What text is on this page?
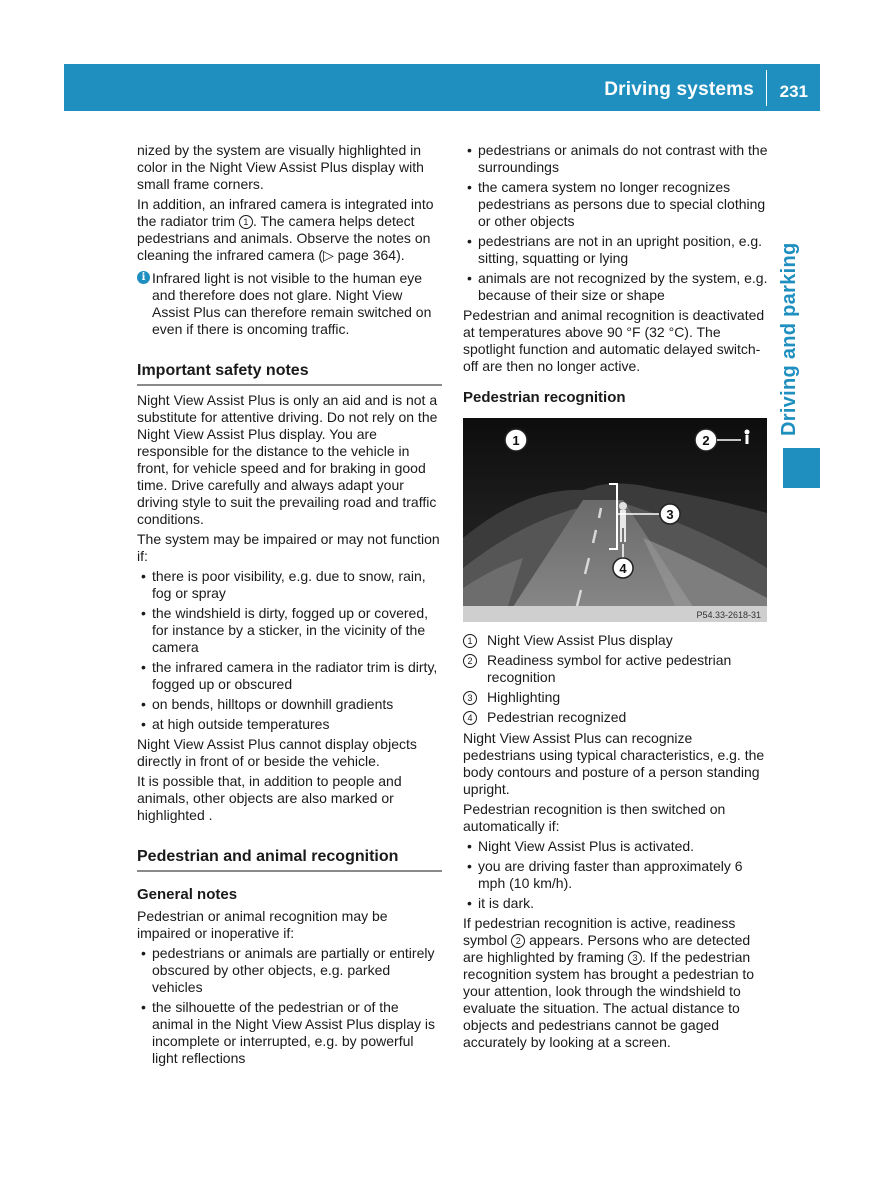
Driving systems 231
Driving and parking

nized by the system are visually highlighted in color in the Night View Assist Plus display with small frame corners.

In addition, an infrared camera is integrated into the radiator trim 1 . The camera helps detect pedestrians and animals. Observe the notes on cleaning the infrared camera (▷ page 364).

i Infrared light is not visible to the human eye and therefore does not glare. Night View Assist Plus can therefore remain switched on even if there is oncoming traffic.
Important safety notes

Night View Assist Plus is only an aid and is not a substitute for attentive driving. Do not rely on the Night View Assist Plus display. You are responsible for the distance to the vehicle in front, for vehicle speed and for braking in good time. Drive carefully and always adapt your driving style to suit the prevailing road and traffic conditions.

The system may be impaired or may not function if:

• there is poor visibility, e.g. due to snow, rain, fog or spray
• the windshield is dirty, fogged up or covered, for instance by a sticker, in the vicinity of the camera
• the infrared camera in the radiator trim is dirty, fogged up or obscured
• on bends, hilltops or downhill gradients
• at high outside temperatures

Night View Assist Plus cannot display objects directly in front of or beside the vehicle.

It is possible that, in addition to people and animals, other objects are also marked or highlighted .

Pedestrian and animal recognition
General notes

Pedestrian or animal recognition may be impaired or inoperative if:

• pedestrians or animals are partially or entirely obscured by other objects, e.g. parked vehicles
• the silhouette of the pedestrian or of the animal in the Night View Assist Plus display is incomplete or interrupted, e.g. by powerful light reflections
• pedestrians or animals do not contrast with the surroundings
• the camera system no longer recognizes pedestrians as persons due to special clothing or other objects
• pedestrians are not in an upright position, e.g. sitting, squatting or lying
• animals are not recognized by the system, e.g. because of their size or shape

Pedestrian and animal recognition is deactivated at temperatures above 90 °F (32 °C). The spotlight function and automatic delayed switch-off are then no longer active.

Pedestrian recognition
3
4
1	2
P54.33-2618-31
1	Night View Assist Plus display
2	Readiness symbol for active pedestrian recognition
3	Highlighting
4	Pedestrian recognized

Night View Assist Plus can recognize pedestrians using typical characteristics, e.g. the body contours and posture of a person standing upright.

Pedestrian recognition is then switched on automatically if:

• Night View Assist Plus is activated.
• you are driving faster than approximately 6 mph (10 km/h).
• it is dark.

If pedestrian recognition is active, readiness symbol 2 appears. Persons who are detected are highlighted by framing 3 . If the pedestrian recognition system has brought a pedestrian to your attention, look through the windshield to evaluate the situation. The actual distance to objects and pedestrians cannot be gaged accurately by looking at a screen.
